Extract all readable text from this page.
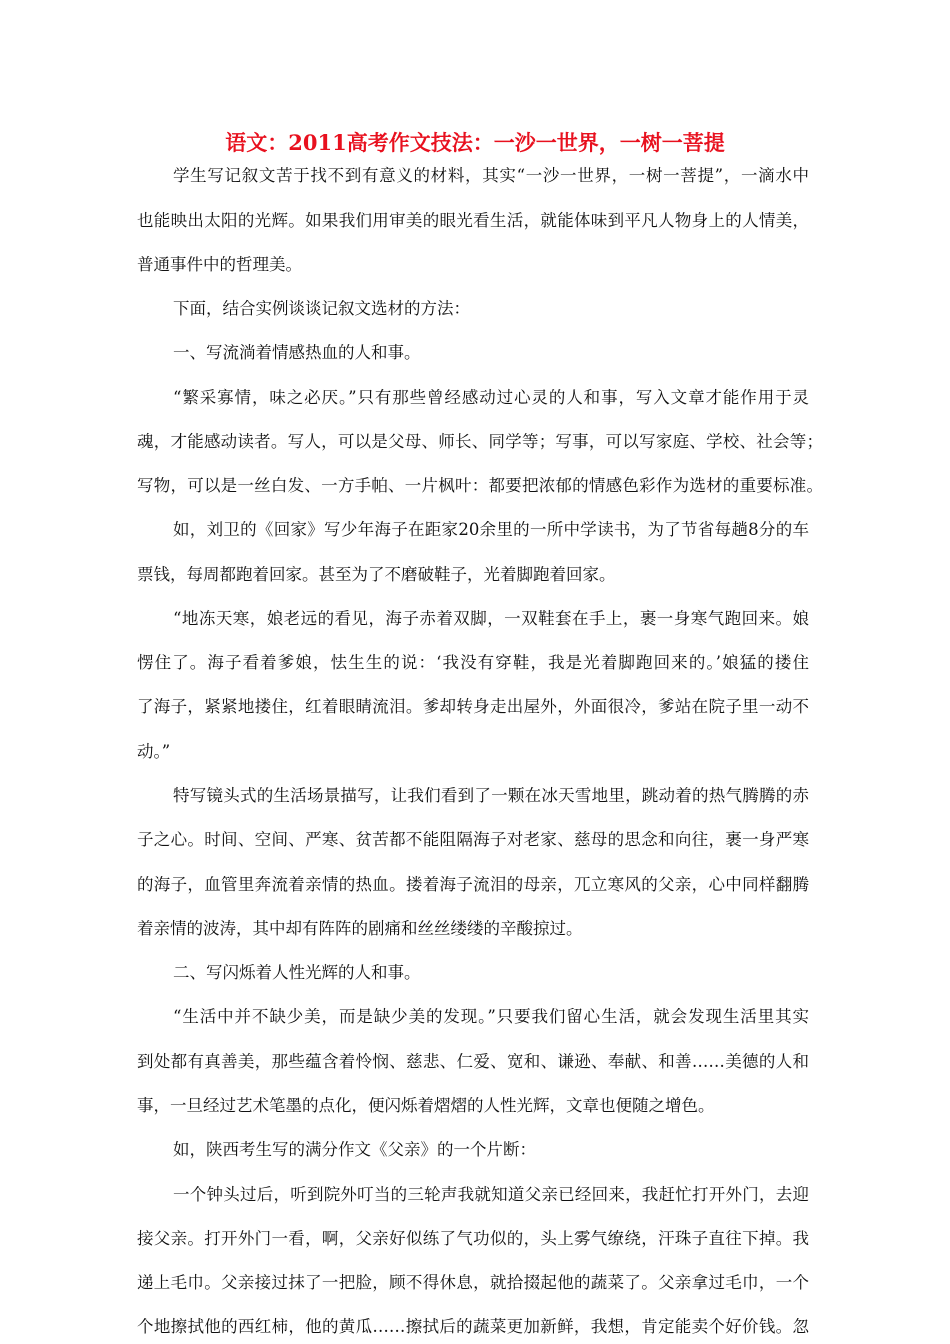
语文：2011高考作文技法：一沙一世界，一树一菩提
学生写记叙文苦于找不到有意义的材料，其实“一沙一世界，一树一菩提”，一滴水中
也能映出太阳的光辉。如果我们用审美的眼光看生活，就能体味到平凡人物身上的人情美，
普通事件中的哲理美。
下面，结合实例谈谈记叙文选材的方法：
一、写流淌着情感热血的人和事。
“繁采寡情，味之必厌。”只有那些曾经感动过心灵的人和事，写入文章才能作用于灵
魂，才能感动读者。写人，可以是父母、师长、同学等；写事，可以写家庭、学校、社会等；
写物，可以是一丝白发、一方手帕、一片枫叶：都要把浓郁的情感色彩作为选材的重要标准。
如，刘卫的《回家》写少年海子在距家20余里的一所中学读书，为了节省每趟8分的车
票钱，每周都跑着回家。甚至为了不磨破鞋子，光着脚跑着回家。
“地冻天寒，娘老远的看见，海子赤着双脚，一双鞋套在手上，裹一身寒气跑回来。娘
愣住了。海子看着爹娘，怯生生的说：‘我没有穿鞋，我是光着脚跑回来的。’娘猛的搂住
了海子，紧紧地搂住，红着眼睛流泪。爹却转身走出屋外，外面很冷，爹站在院子里一动不
动。”
特写镜头式的生活场景描写，让我们看到了一颗在冰天雪地里，跳动着的热气腾腾的赤
子之心。时间、空间、严寒、贫苦都不能阻隔海子对老家、慈母的思念和向往，裹一身严寒
的海子，血管里奔流着亲情的热血。搂着海子流泪的母亲，兀立寒风的父亲，心中同样翻腾
着亲情的波涛，其中却有阵阵的剧痛和丝丝缕缕的辛酸掠过。
二、写闪烁着人性光辉的人和事。
“生活中并不缺少美，而是缺少美的发现。”只要我们留心生活，就会发现生活里其实
到处都有真善美，那些蕴含着怜悯、慈悲、仁爱、宽和、谦逊、奉献、和善……美德的人和
事，一旦经过艺术笔墨的点化，便闪烁着熠熠的人性光辉，文章也便随之增色。
如，陕西考生写的满分作文《父亲》的一个片断：
一个钟头过后，听到院外叮当的三轮声我就知道父亲已经回来，我赶忙打开外门，去迎
接父亲。打开外门一看，啊，父亲好似练了气功似的，头上雾气缭绕，汗珠子直往下掉。我
递上毛巾。父亲接过抹了一把脸，顾不得休息，就拾掇起他的蔬菜了。父亲拿过毛巾，一个
个地擦拭他的西红柿，他的黄瓜……擦拭后的蔬菜更加新鲜，我想，肯定能卖个好价钱。忽
